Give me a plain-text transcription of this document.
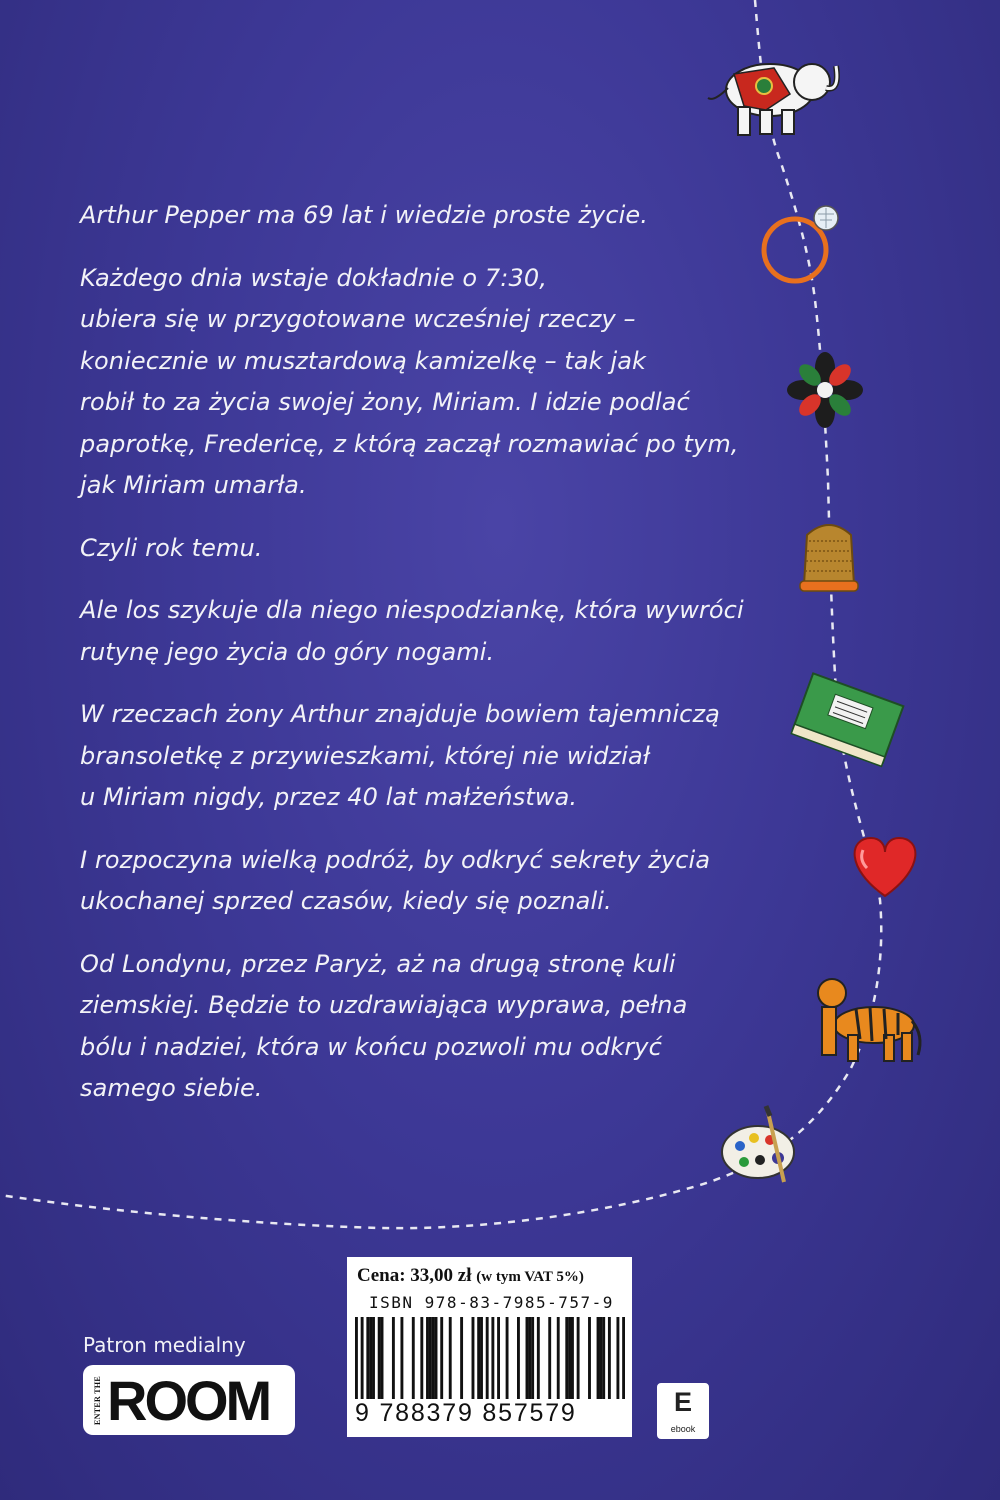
Arthur Pepper ma 69 lat i wiedzie proste życie.

Każdego dnia wstaje dokładnie o 7:30,
ubiera się w przygotowane wcześniej rzeczy –
koniecznie w musztardową kamizelkę – tak jak
robił to za życia swojej żony, Miriam. I idzie podlać
paprotkę, Fredericę, z którą zaczął rozmawiać po tym,
jak Miriam umarła.

Czyli rok temu.

Ale los szykuje dla niego niespodziankę, która wywróci
rutynę jego życia do góry nogami.

W rzeczach żony Arthur znajduje bowiem tajemniczą
bransoletkę z przywieszkami, której nie widział
u Miriam nigdy, przez 40 lat małżeństwa.

I rozpoczyna wielką podróż, by odkryć sekrety życia
ukochanej sprzed czasów, kiedy się poznali.

Od Londynu, przez Paryż, aż na drugą stronę kuli
ziemskiej. Będzie to uzdrawiająca wyprawa, pełna
bólu i nadziei, która w końcu pozwoli mu odkryć
samego siebie.

Cena: 33,00 zł (w tym VAT 5%)
ISBN 978-83-7985-757-9
9 788379 857579	E
ebook
Patron medialny
ENTER THE ROOM
